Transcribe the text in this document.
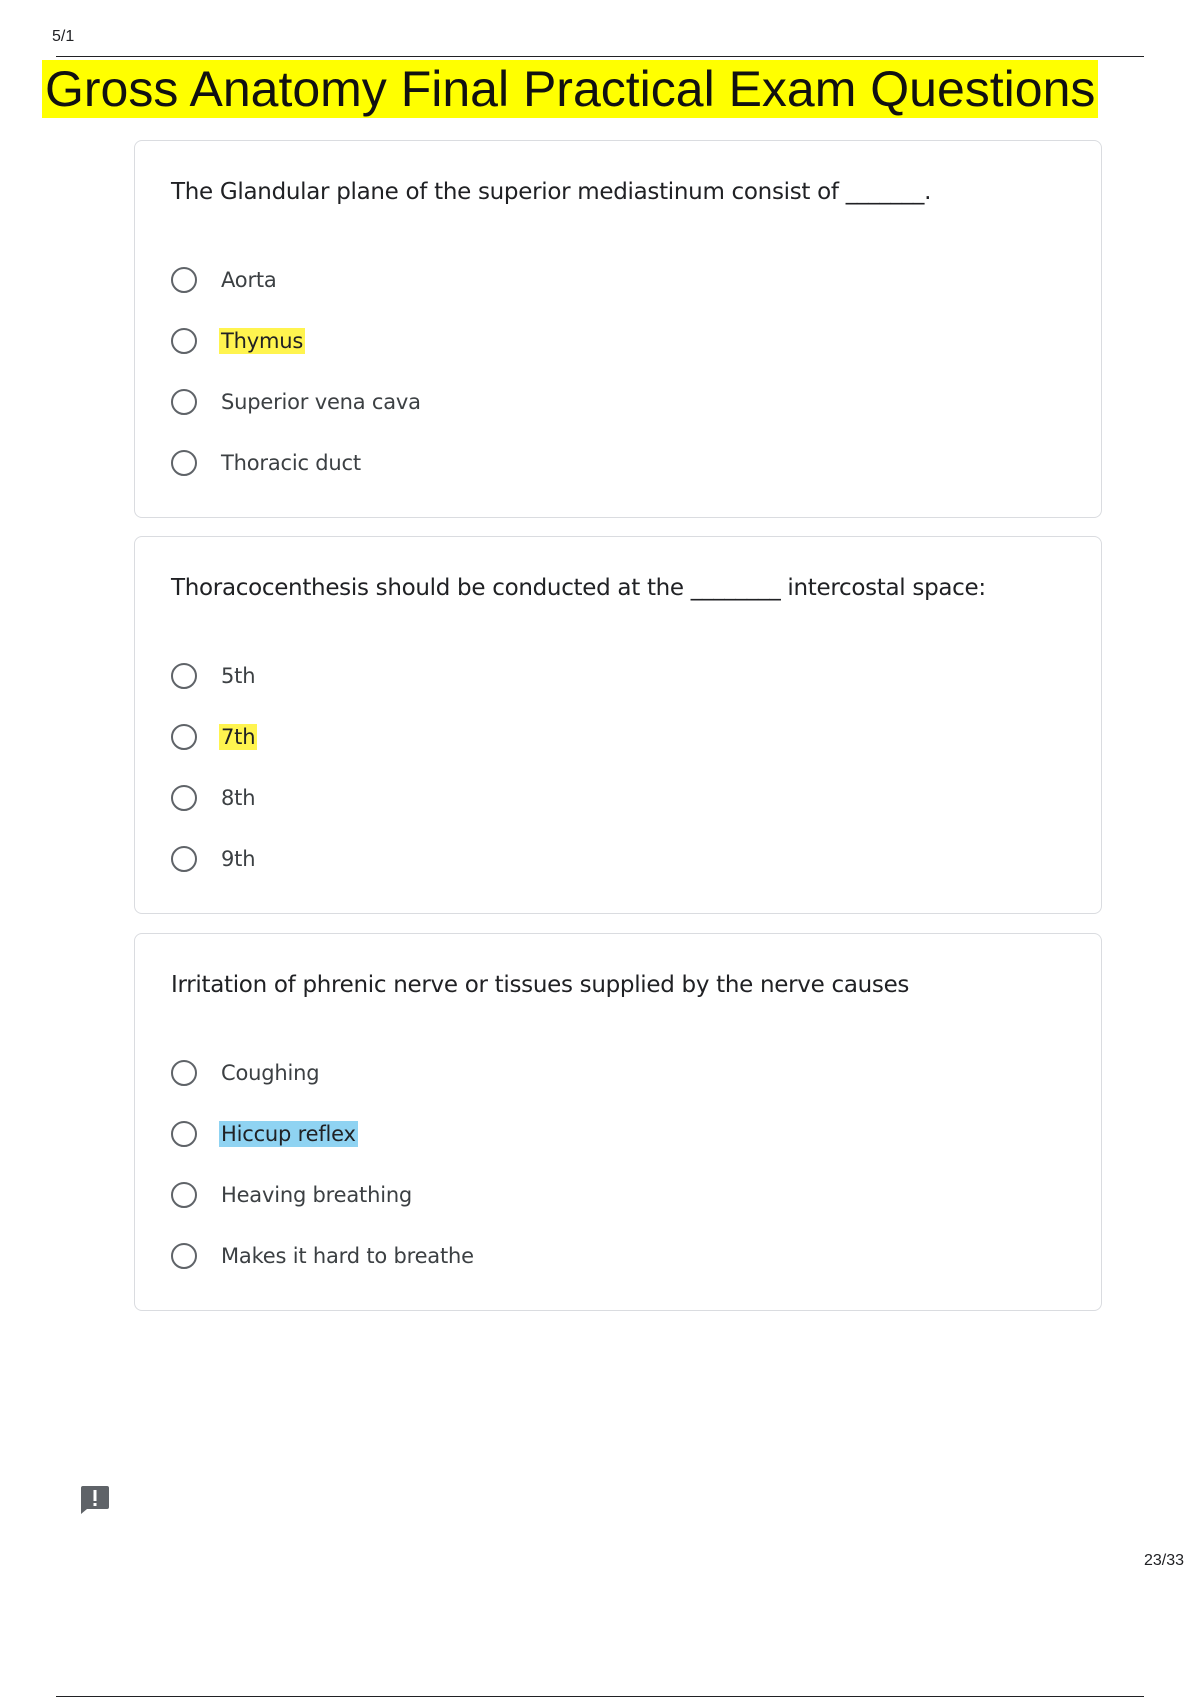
5/1
Gross Anatomy Final Practical Exam Questions
The Glandular plane of the superior mediastinum consist of _______.
Aorta
Thymus
Superior vena cava
Thoracic duct
Thoracocenthesis should be conducted at the ________ intercostal space:
5th
7th
8th
9th
Irritation of phrenic nerve or tissues supplied by the nerve causes
Coughing
Hiccup reflex
Heaving breathing
Makes it hard to breathe
23/33
